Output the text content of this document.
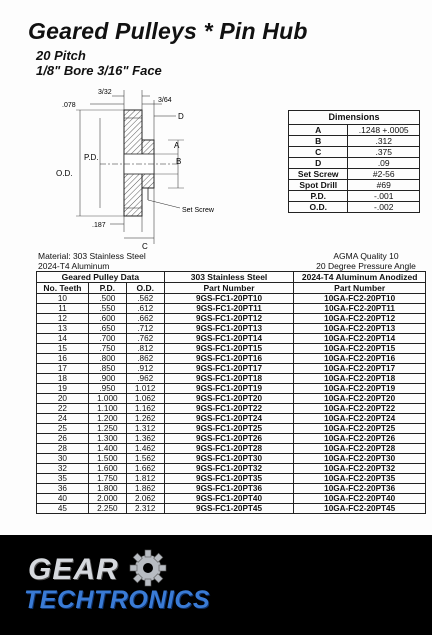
Geared Pulleys * Pin Hub
20 Pitch
1/8" Bore 3/16" Face
3/32
3/64
D
.078
P.D.
O.D.
A
B
Set Screw
.187
C
Dimensions	
A	.1248 +.0005
B	.312
C	.375
D	.09
Set Screw	#2-56
Spot Drill	#69
P.D.	-.001
O.D.	-.002
Material: 303 Stainless Steel
2024-T4 Aluminum
AGMA Quality 10
20 Degree Pressure Angle
Geared Pulley Data			303 Stainless Steel	2024-T4 Aluminum Anodized
No. Teeth	P.D.	O.D.	Part Number	Part Number
10	.500	.562	9GS-FC1-20PT10	10GA-FC2-20PT10
11	.550	.612	9GS-FC1-20PT11	10GA-FC2-20PT11
12	.600	.662	9GS-FC1-20PT12	10GA-FC2-20PT12
13	.650	.712	9GS-FC1-20PT13	10GA-FC2-20PT13
14	.700	.762	9GS-FC1-20PT14	10GA-FC2-20PT14
15	.750	.812	9GS-FC1-20PT15	10GA-FC2-20PT15
16	.800	.862	9GS-FC1-20PT16	10GA-FC2-20PT16
17	.850	.912	9GS-FC1-20PT17	10GA-FC2-20PT17
18	.900	.962	9GS-FC1-20PT18	10GA-FC2-20PT18
19	.950	1.012	9GS-FC1-20PT19	10GA-FC2-20PT19
20	1.000	1.062	9GS-FC1-20PT20	10GA-FC2-20PT20
22	1.100	1.162	9GS-FC1-20PT22	10GA-FC2-20PT22
24	1.200	1.262	9GS-FC1-20PT24	10GA-FC2-20PT24
25	1.250	1.312	9GS-FC1-20PT25	10GA-FC2-20PT25
26	1.300	1.362	9GS-FC1-20PT26	10GA-FC2-20PT26
28	1.400	1.462	9GS-FC1-20PT28	10GA-FC2-20PT28
30	1.500	1.562	9GS-FC1-20PT30	10GA-FC2-20PT30
32	1.600	1.662	9GS-FC1-20PT32	10GA-FC2-20PT32
35	1.750	1.812	9GS-FC1-20PT35	10GA-FC2-20PT35
36	1.800	1.862	9GS-FC1-20PT36	10GA-FC2-20PT36
40	2.000	2.062	9GS-FC1-20PT40	10GA-FC2-20PT40
45	2.250	2.312	9GS-FC1-20PT45	10GA-FC2-20PT45
GEAR
TECHTRONICS
